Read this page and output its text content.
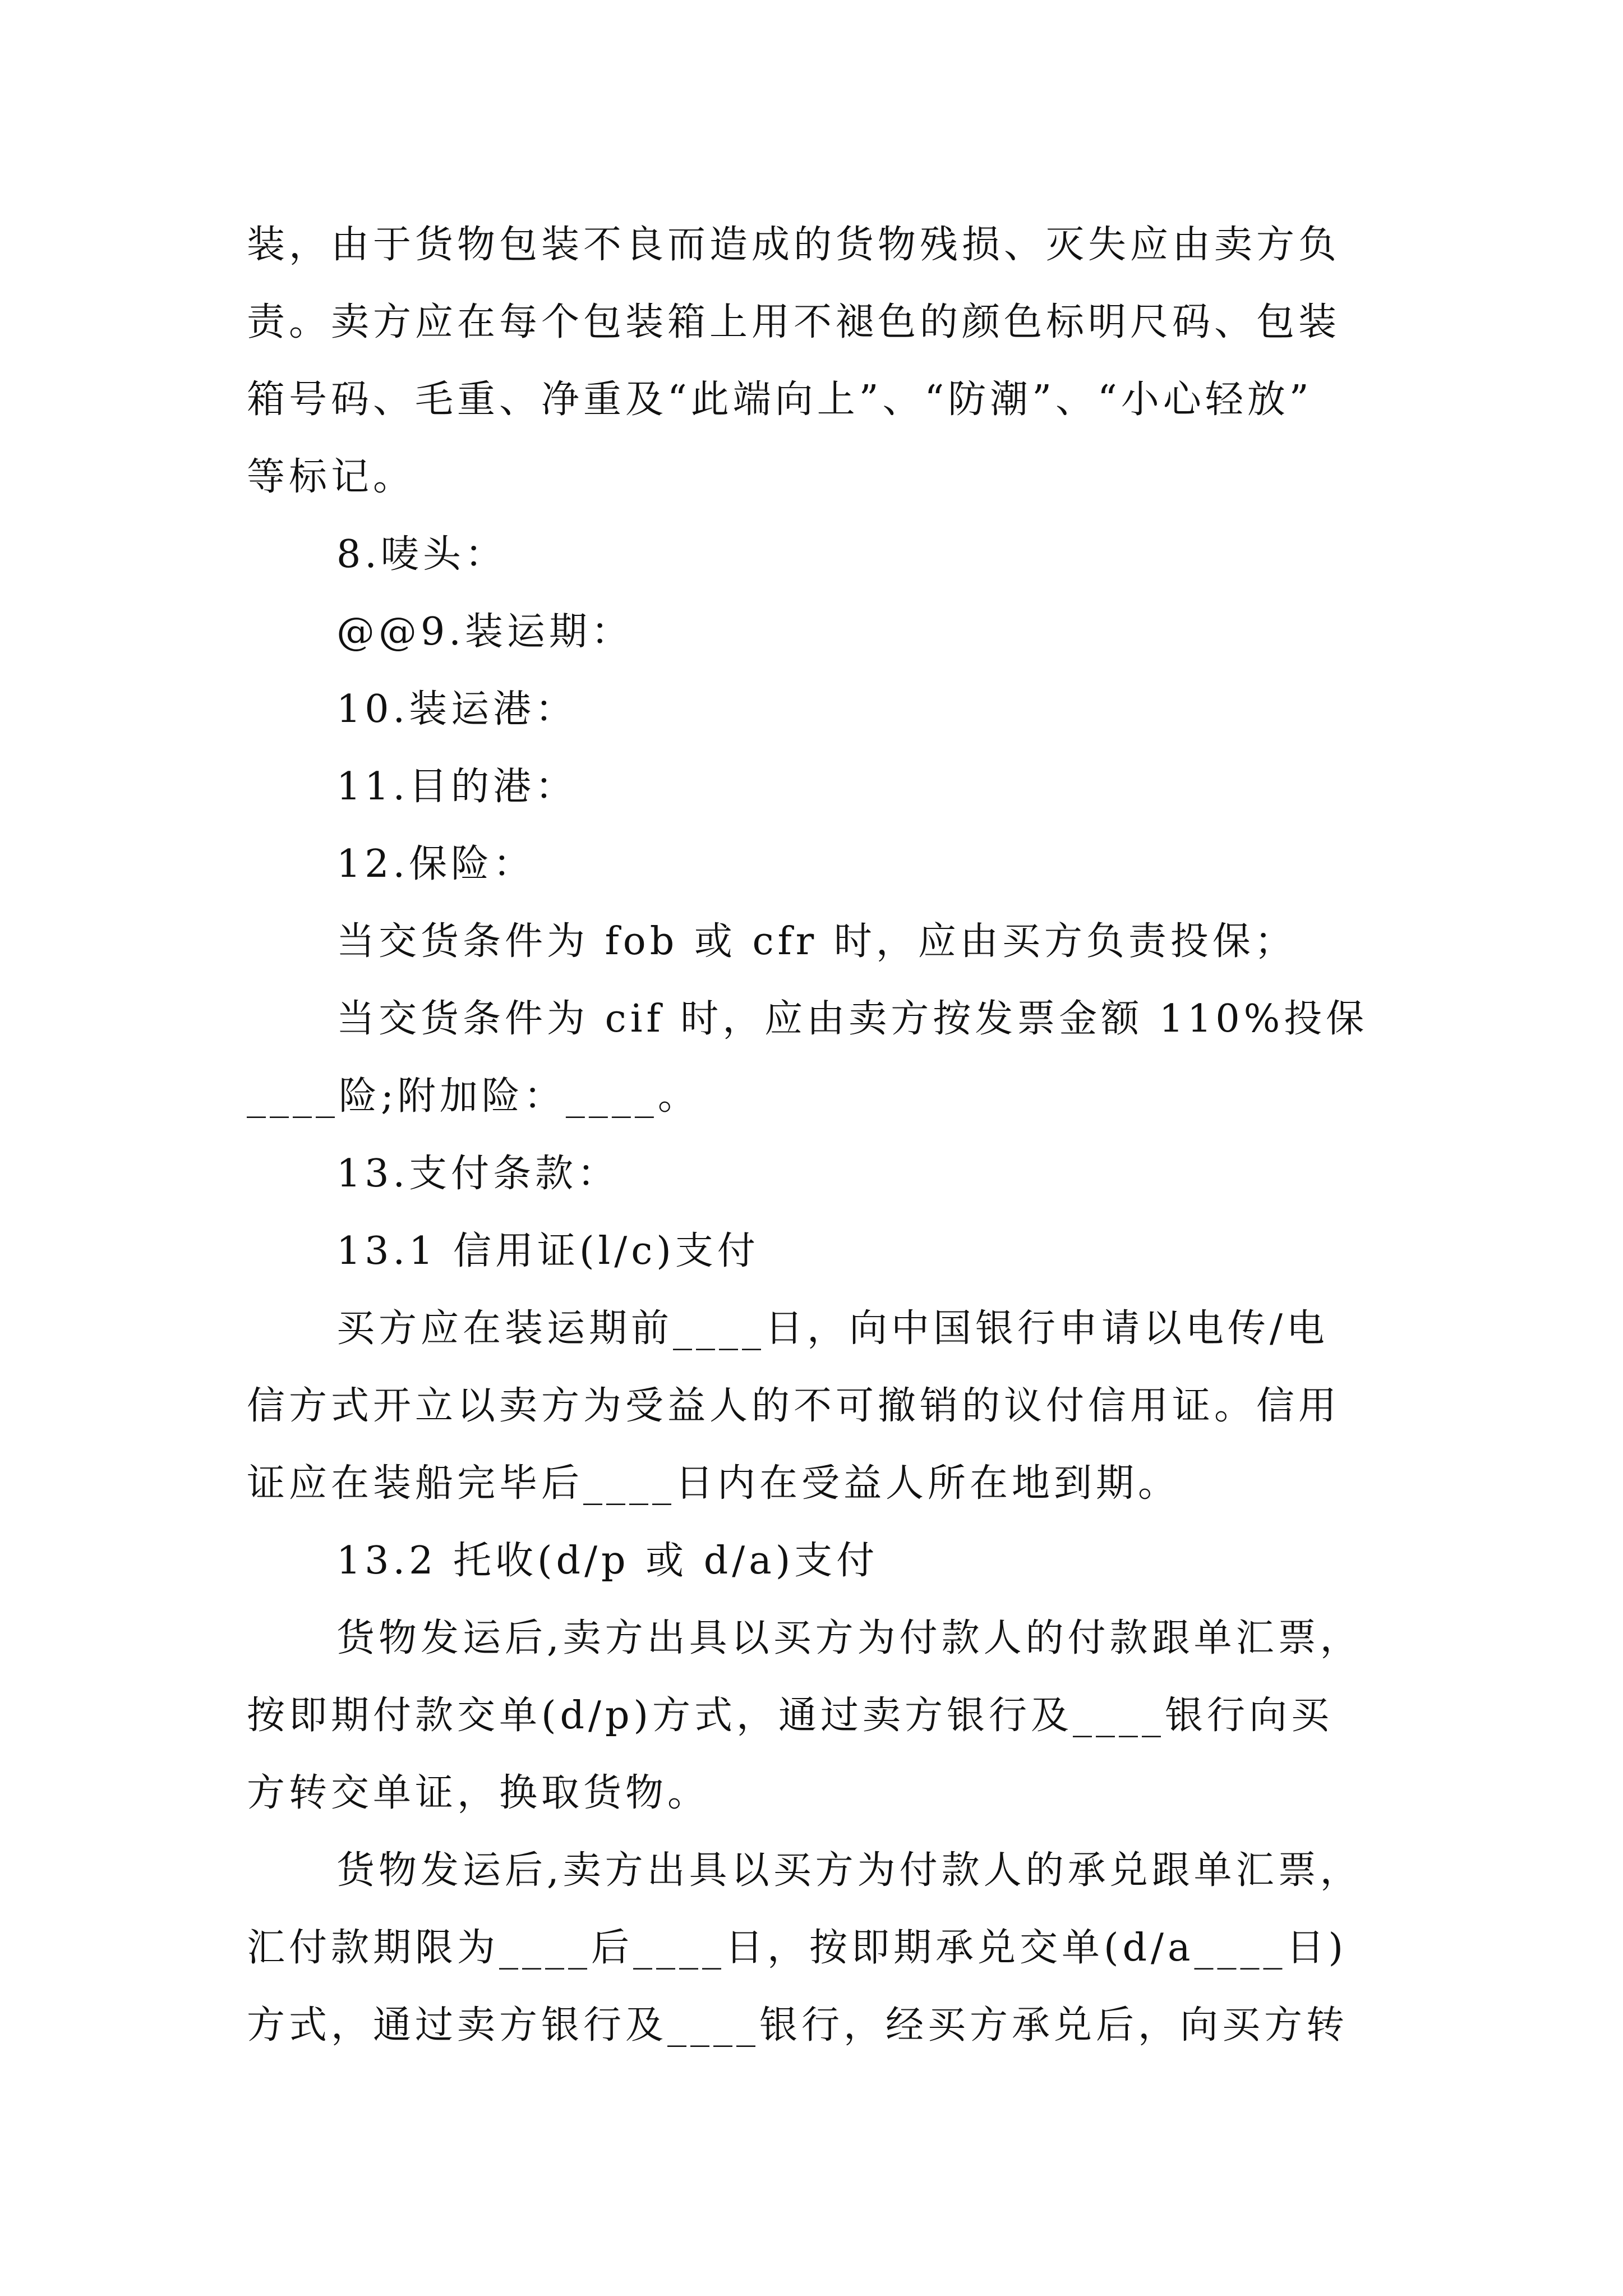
装，由于货物包装不良而造成的货物残损、灭失应由卖方负
责。卖方应在每个包装箱上用不褪色的颜色标明尺码、包装
箱号码、毛重、净重及“此端向上”、“防潮”、“小心轻放”
等标记。
8.唛头：
@@9.装运期：
10.装运港：
11.目的港：
12.保险：
当交货条件为 fob 或 cfr 时，应由买方负责投保；
当交货条件为 cif 时，应由卖方按发票金额 110%投保
____险;附加险：____。
13.支付条款：
13.1 信用证(l/c)支付
买方应在装运期前____日，向中国银行申请以电传/电
信方式开立以卖方为受益人的不可撤销的议付信用证。信用
证应在装船完毕后____日内在受益人所在地到期。
13.2 托收(d/p 或 d/a)支付
货物发运后,卖方出具以买方为付款人的付款跟单汇票，
按即期付款交单(d/p)方式，通过卖方银行及____银行向买
方转交单证，换取货物。
货物发运后,卖方出具以买方为付款人的承兑跟单汇票，
汇付款期限为____后____日，按即期承兑交单(d/a____日)
方式，通过卖方银行及____银行，经买方承兑后，向买方转
